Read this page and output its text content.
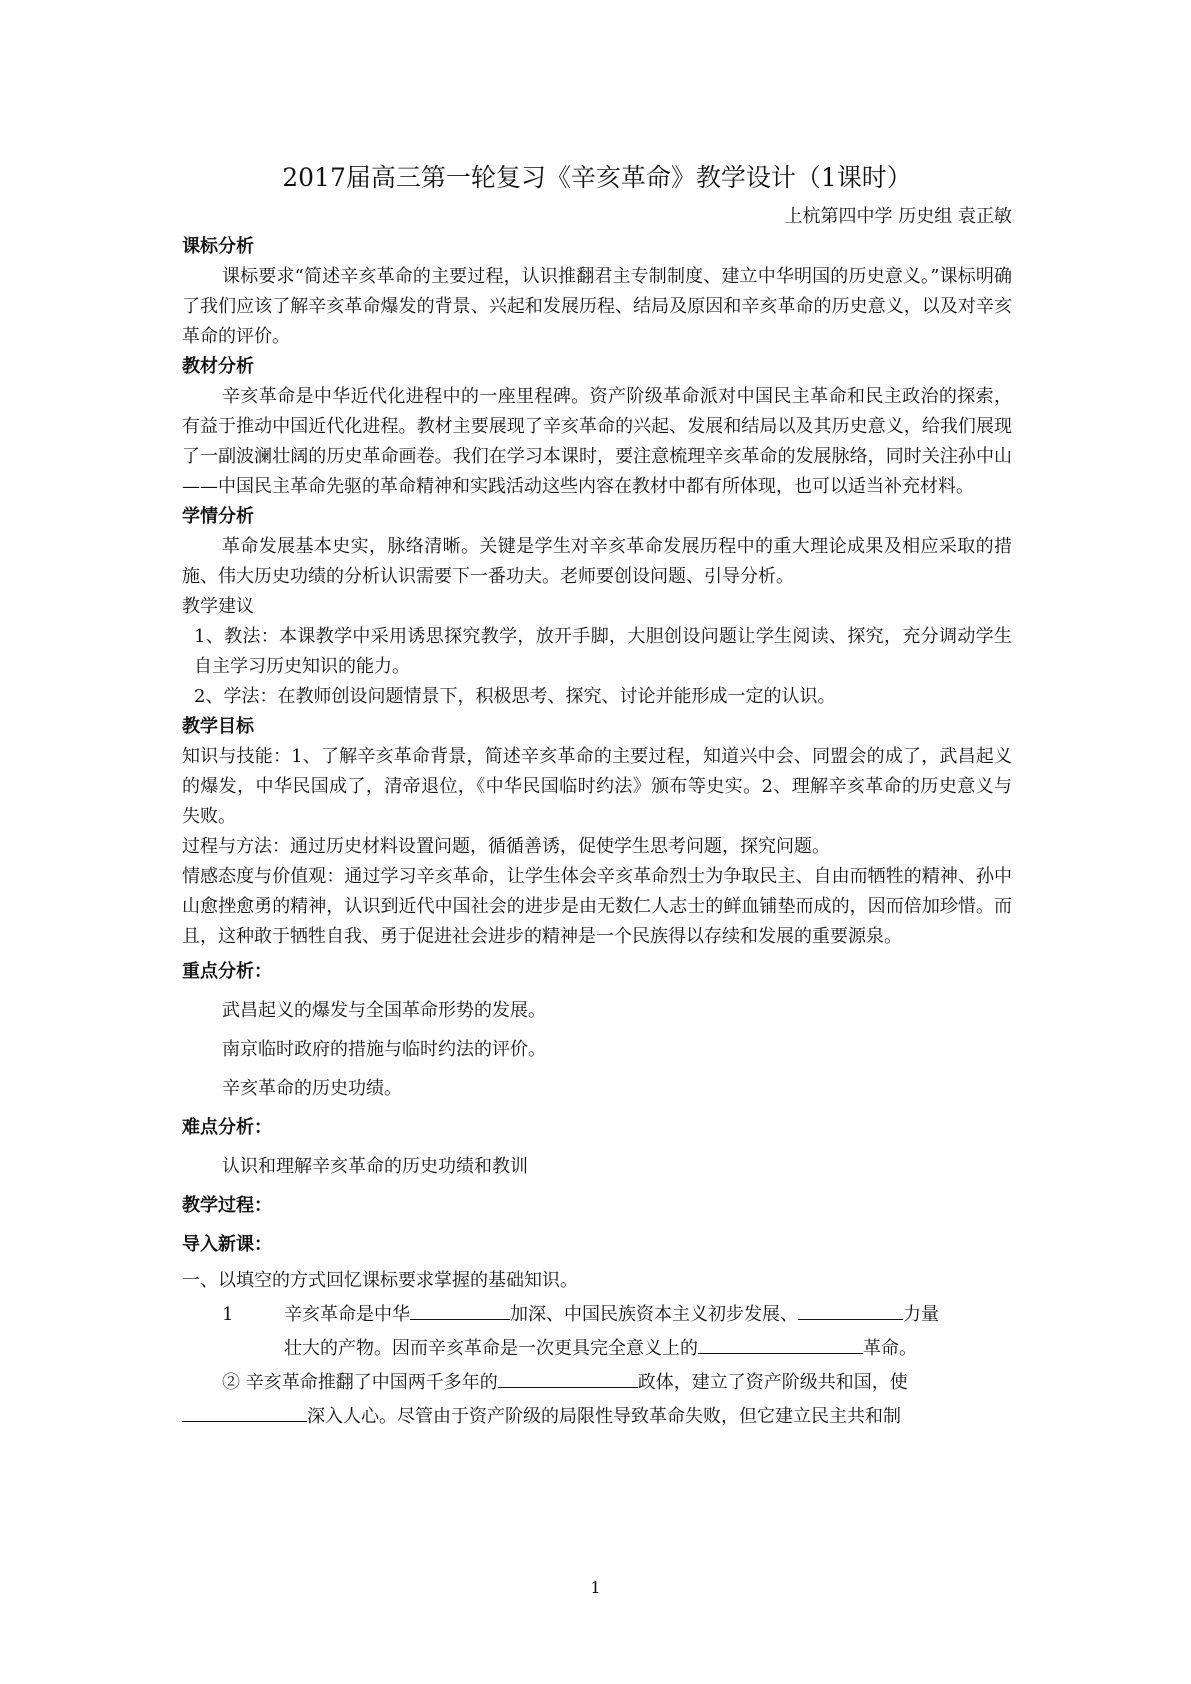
2017届高三第一轮复习《辛亥革命》教学设计（1课时）
上杭第四中学 历史组 袁正敏
课标分析
课标要求“简述辛亥革命的主要过程，认识推翻君主专制制度、建立中华明国的历史意义。”课标明确了我们应该了解辛亥革命爆发的背景、兴起和发展历程、结局及原因和辛亥革命的历史意义，以及对辛亥革命的评价。
教材分析
辛亥革命是中华近代化进程中的一座里程碑。资产阶级革命派对中国民主革命和民主政治的探索，有益于推动中国近代化进程。教材主要展现了辛亥革命的兴起、发展和结局以及其历史意义，给我们展现了一副波澜壮阔的历史革命画卷。我们在学习本课时，要注意梳理辛亥革命的发展脉络，同时关注孙中山——中国民主革命先驱的革命精神和实践活动这些内容在教材中都有所体现，也可以适当补充材料。
学情分析
革命发展基本史实，脉络清晰。关键是学生对辛亥革命发展历程中的重大理论成果及相应采取的措施、伟大历史功绩的分析认识需要下一番功夫。老师要创设问题、引导分析。
教学建议
1、教法：本课教学中采用诱思探究教学，放开手脚，大胆创设问题让学生阅读、探究，充分调动学生自主学习历史知识的能力。
2、学法：在教师创设问题情景下，积极思考、探究、讨论并能形成一定的认识。
教学目标
知识与技能：1、了解辛亥革命背景，简述辛亥革命的主要过程，知道兴中会、同盟会的成了，武昌起义的爆发，中华民国成了，清帝退位，《中华民国临时约法》颁布等史实。2、理解辛亥革命的历史意义与失败。
过程与方法：通过历史材料设置问题，循循善诱，促使学生思考问题，探究问题。
情感态度与价值观：通过学习辛亥革命，让学生体会辛亥革命烈士为争取民主、自由而牺牲的精神、孙中山愈挫愈勇的精神，认识到近代中国社会的进步是由无数仁人志士的鲜血铺垫而成的，因而倍加珍惜。而且，这种敢于牺牲自我、勇于促进社会进步的精神是一个民族得以存续和发展的重要源泉。
重点分析：
武昌起义的爆发与全国革命形势的发展。
南京临时政府的措施与临时约法的评价。
辛亥革命的历史功绩。
难点分析：
认识和理解辛亥革命的历史功绩和教训
教学过程：
导入新课：
一、以填空的方式回忆课标要求掌握的基础知识。
1	辛亥革命是中华	加深、中国民族资本主义初步发展、	力量
壮大的产物。因而辛亥革命是一次更具完全意义上的	革命。
② 辛亥革命推翻了中国两千多年的	政体，建立了资产阶级共和国，使
深入人心。尽管由于资产阶级的局限性导致革命失败，但它建立民主共和制
1
